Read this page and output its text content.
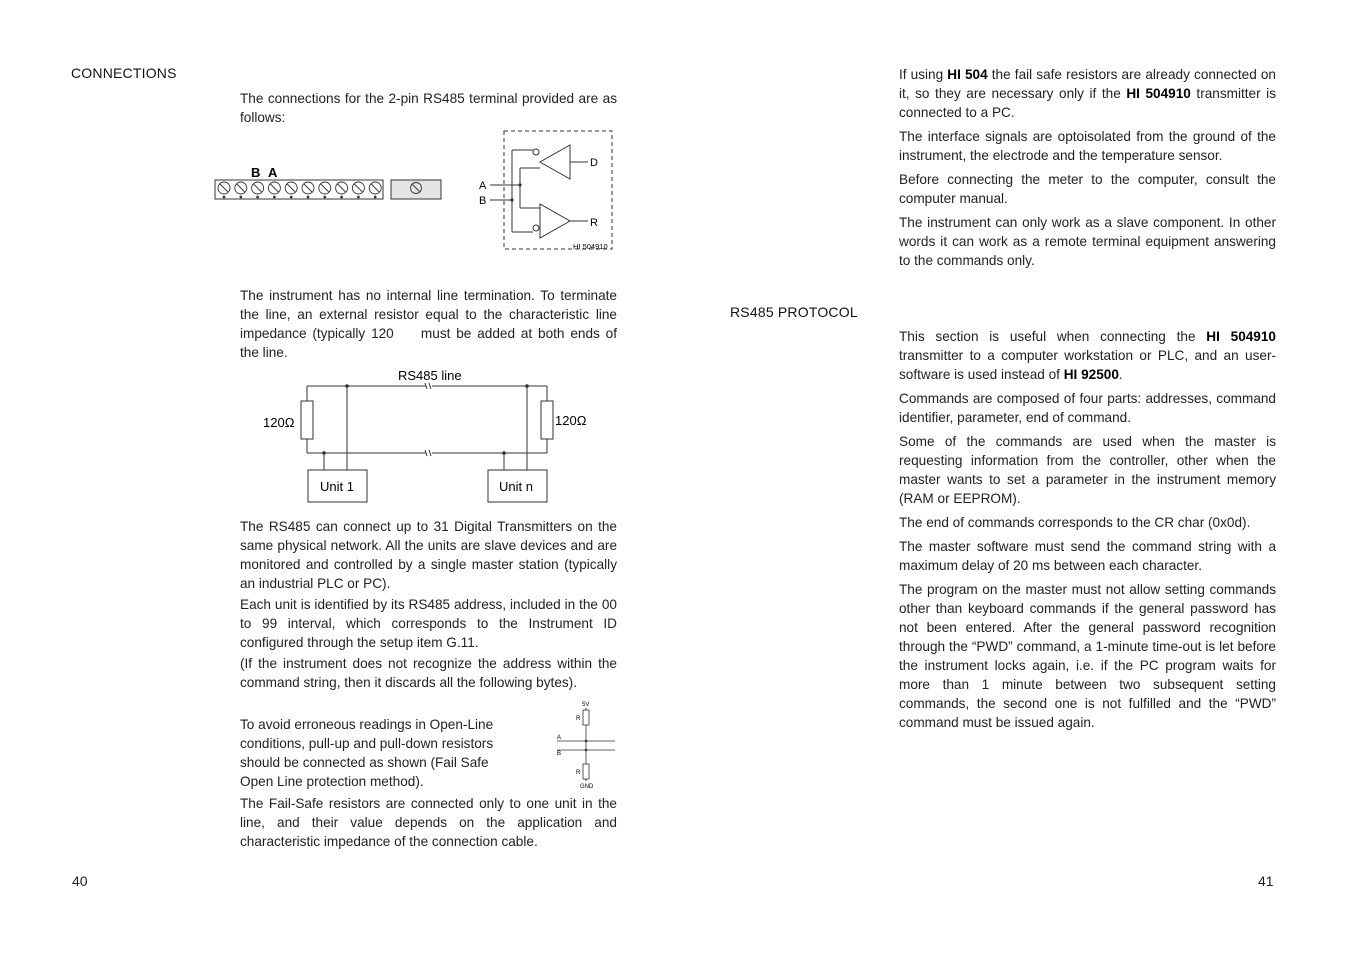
CONNECTIONS

The connections for the 2-pin RS485 terminal provided are as follows:

B A
A
B
D
R
HI 504910

The instrument has no internal line termination. To terminate the line, an external resistor equal to the characteristic line impedance (typically 120  must be added at both ends of the line.

RS485 line
120Ω	120Ω
Unit 1	Unit n

The RS485 can connect up to 31 Digital Transmitters on the same physical network. All the units are slave devices and are monitored and controlled by a single master station (typically an industrial PLC or PC).

Each unit is identified by its RS485 address, included in the 00 to 99 interval, which corresponds to the Instrument ID configured through the setup item G.11.

(If the instrument does not recognize the address within the command string, then it discards all the following bytes).

To avoid erroneous readings in Open-Line conditions, pull-up and pull-down resistors should be connected as shown (Fail Safe Open Line protection method).

5V
R
A
B
R
GND

The Fail-Safe resistors are connected only to one unit in the line, and their value depends on the application and characteristic impedance of the connection cable.

40

If using HI 504 the fail safe resistors are already connected on it, so they are necessary only if the HI 504910 transmitter is connected to a PC.

The interface signals are optoisolated from the ground of the instrument, the electrode and the temperature sensor.

Before connecting the meter to the computer, consult the computer manual.

The instrument can only work as a slave component. In other words it can work as a remote terminal equipment answering to the commands only.

RS485 PROTOCOL

This section is useful when connecting the HI 504910 transmitter to a computer workstation or PLC, and an user-software is used instead of HI 92500.

Commands are composed of four parts: addresses, command identifier, parameter, end of command.

Some of the commands are used when the master is requesting information from the controller, other when the master wants to set a parameter in the instrument memory (RAM or EEPROM).

The end of commands corresponds to the CR char (0x0d).

The master software must send the command string with a maximum delay of 20 ms between each character.

The program on the master must not allow setting commands other than keyboard commands if the general password has not been entered. After the general password recognition through the “PWD” command, a 1-minute time-out is let before the instrument locks again, i.e. if the PC program waits for more than 1 minute between two subsequent setting commands, the second one is not fulfilled and the “PWD” command must be issued again.

41
